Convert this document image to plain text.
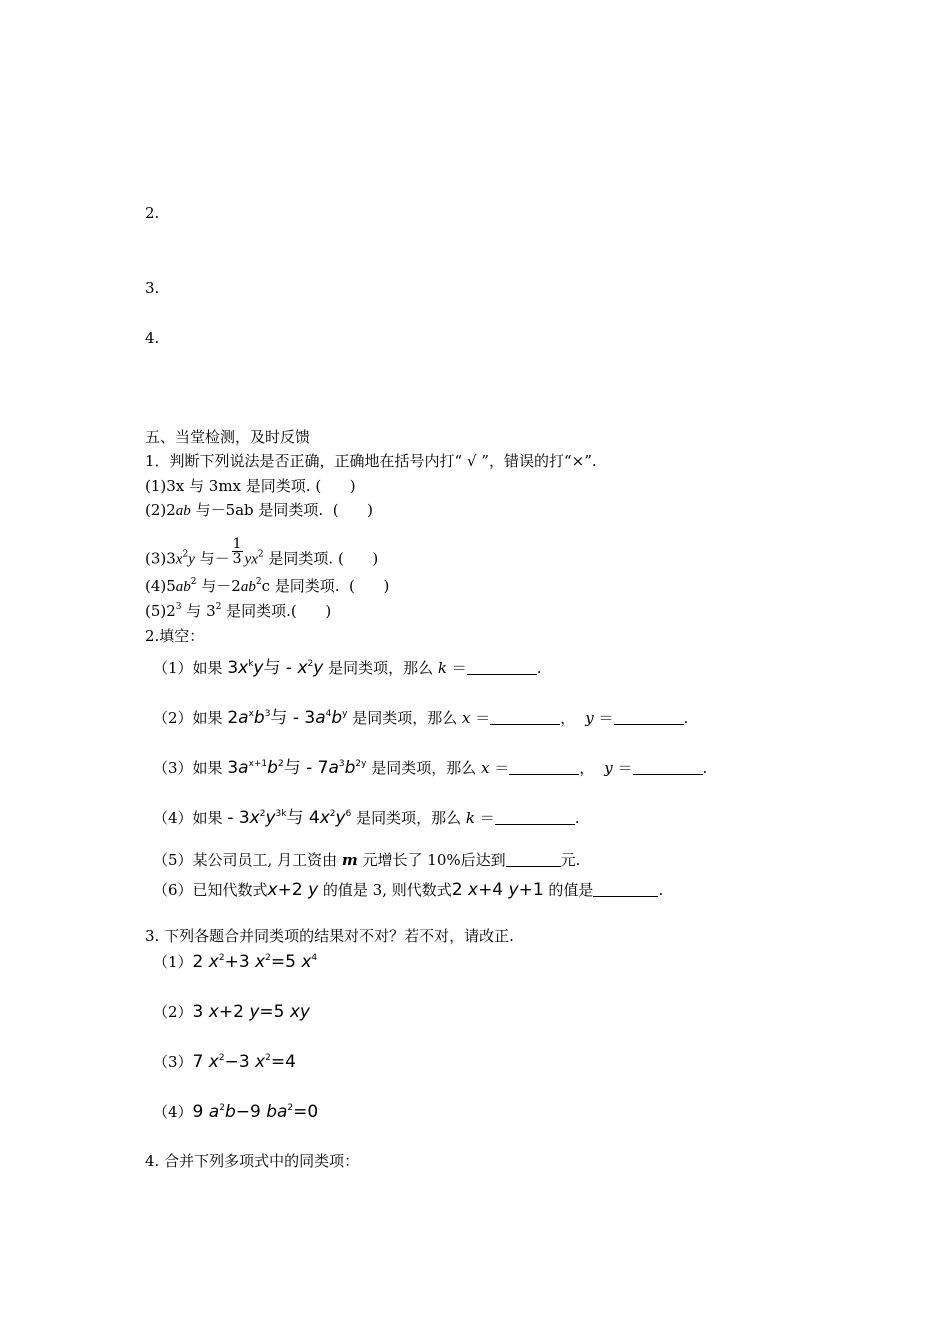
2.
3.
4.
五、当堂检测，及时反馈
1．判断下列说法是否正确，正确地在括号内打“ √ ”，错误的打“×”.
(1)3x 与 3mx 是同类项. (      )
(2)2ab 与－5ab 是同类项.  (      )
$(3)3x^2y$ 与－ $\frac{1}{3} yx^2$ 是同类项. (      )
$(4)5ab^2$ 与$-2ab^2c$ 是同类项.  (      )
$(5)2^3$ 与 $3^2$ 是同类项.(      )
2.填空：
（1）如果 $3x^ky$与 - $x^2y$ 是同类项，那么 k ＝	.
（2）如果 $2a^xb^3$与 - $3a^4b^y$ 是同类项，那么 x ＝	， y ＝	.
（3）如果 $3a^{x+1}b^2$与 - $7a^3b^{2y}$ 是同类项，那么 x ＝	， y ＝	.
（4）如果 - $3x^2y^{3k}$与 $4x^2y^6$ 是同类项，那么 k ＝	.
（5）某公司员工, 月工资由 m 元增长了 10%后达到	元.
（6）已知代数式x+2 y 的值是 3, 则代数式2 x+4 y+1 的值是	.
3. 下列各题合并同类项的结果对不对？若不对，请改正.
（1）2 $x^2+3$ $x^2=5$ $x^4$
（2）3 x+2 y=5 xy
（3）7 $x^2-3$ $x^2=4$
（4）9 $a^2b-9$ $ba^2=0$
4. 合并下列多项式中的同类项：
